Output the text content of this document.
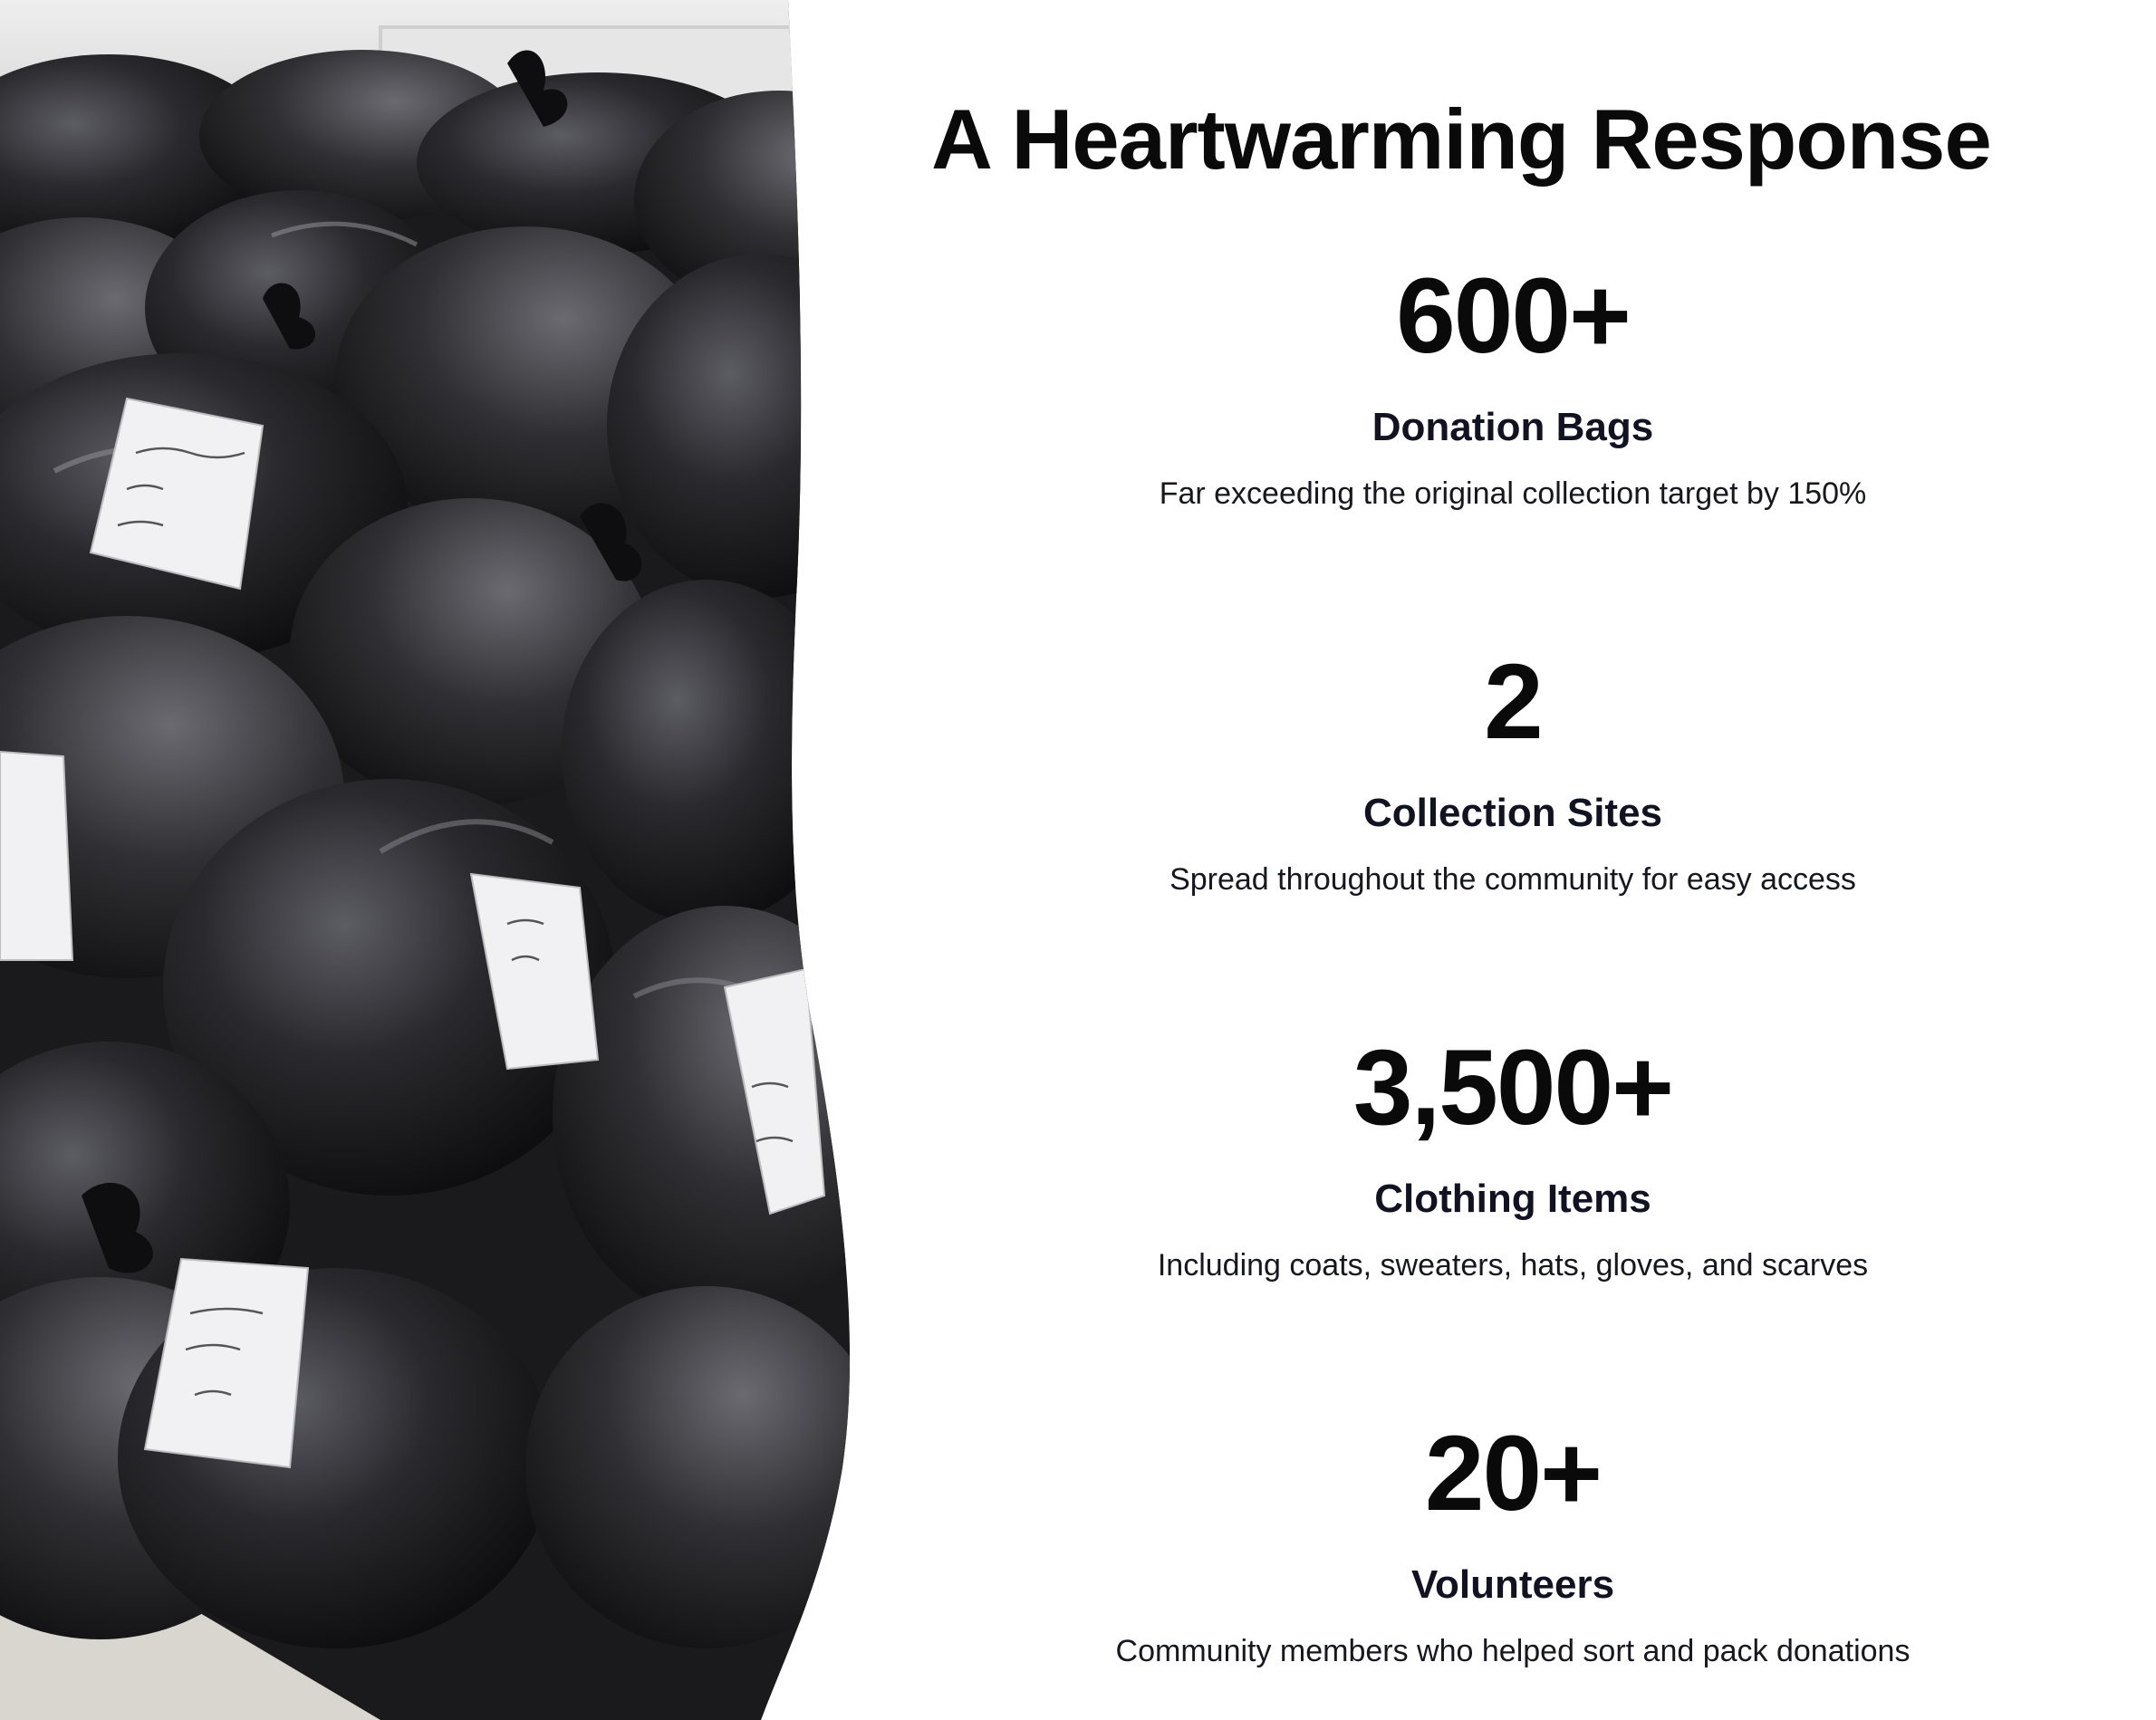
A Heartwarming Response
600+
Donation Bags
Far exceeding the original collection target by 150%
2
Collection Sites
Spread throughout the community for easy access
3,500+
Clothing Items
Including coats, sweaters, hats, gloves, and scarves
20+
Volunteers
Community members who helped sort and pack donations
